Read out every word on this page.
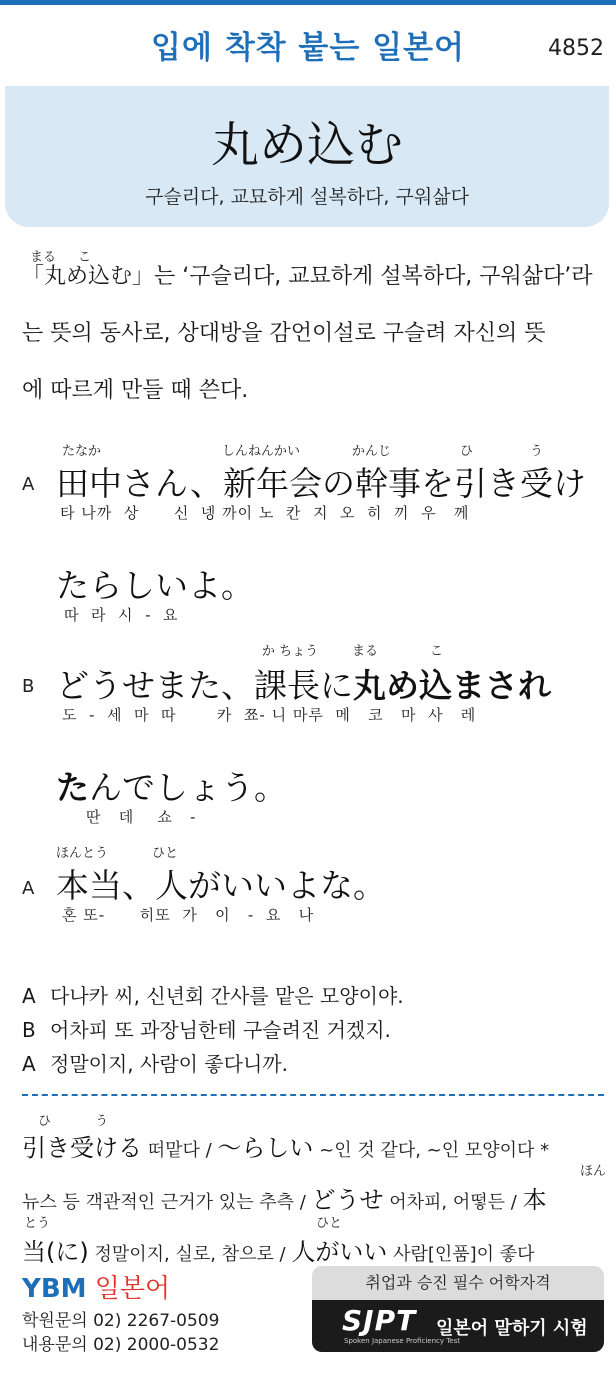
입에 착착 붙는 일본어	4852
丸め込む
구슬리다, 교묘하게 설복하다, 구워삶다
まる こ
「丸め込む」는 ‘구슬리다, 교묘하게 설복하다, 구워삶다’라
는 뜻의 동사로, 상대방을 감언이설로 구슬려 자신의 뜻
에 따르게 만들 때 쓴다.
たなか	しんねんかい	かんじ	ひ	う
A 田中さん、新年会の幹事を引き受け
타 나까  상      신  넹 까이 노  칸  지  오  히  끼  우   께
たらしいよ。
따  라  시  -  요
か ちょう	まる	こ
B どうせまた、課長に丸め込まされ
도  -  세  마  따       카  쬬- 니 마루  메   코   마  사   레
たんでしょう。
딴   데    쇼   -
ほんとう	ひと
A 本当、人がいいよな。
혼 또-      히또  가   이   -  요   나
A 다나카 씨, 신년회 간사를 맡은 모양이야.
B 어차피 또 과장님한테 구슬려진 거겠지.
A 정말이지, 사람이 좋다니까.
ひ う
引き受ける 떠맡다 / ～らしい ~인 것 같다, ~인 모양이다 *
ほん
뉴스 등 객관적인 근거가 있는 추측 / どうせ 어차피, 어떻든 / 本
とう	ひと
当(に) 정말이지, 실로, 참으로 / 人がいい 사람[인품]이 좋다
YBM 일본어
학원문의 02) 2267-0509
내용문의 02) 2000-0532
취업과 승진 필수 어학자격
SJPT
Spoken Japanese Proficiency Test
일본어 말하기 시험
